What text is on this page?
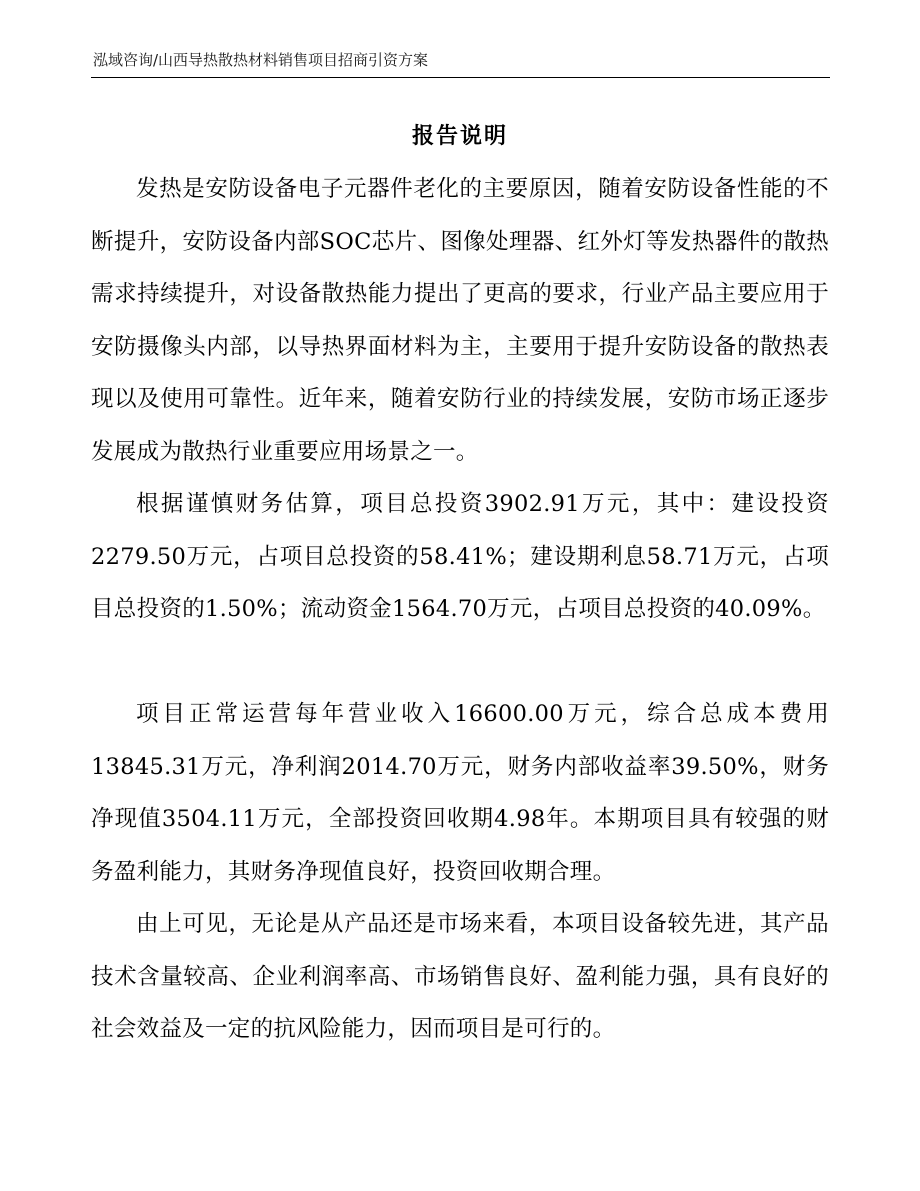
泓域咨询/山西导热散热材料销售项目招商引资方案
报告说明

发热是安防设备电子元器件老化的主要原因，随着安防设备性能的不断提升，安防设备内部SOC芯片、图像处理器、红外灯等发热器件的散热需求持续提升，对设备散热能力提出了更高的要求，行业产品主要应用于安防摄像头内部，以导热界面材料为主，主要用于提升安防设备的散热表现以及使用可靠性。近年来，随着安防行业的持续发展，安防市场正逐步发展成为散热行业重要应用场景之一。

根据谨慎财务估算，项目总投资3902.91万元，其中：建设投资2279.50万元，占项目总投资的58.41%；建设期利息58.71万元，占项目总投资的1.50%；流动资金1564.70万元，占项目总投资的40.09%。

项目正常运营每年营业收入16600.00万元，综合总成本费用13845.31万元，净利润2014.70万元，财务内部收益率39.50%，财务净现值3504.11万元，全部投资回收期4.98年。本期项目具有较强的财务盈利能力，其财务净现值良好，投资回收期合理。

由上可见，无论是从产品还是市场来看，本项目设备较先进，其产品技术含量较高、企业利润率高、市场销售良好、盈利能力强，具有良好的社会效益及一定的抗风险能力，因而项目是可行的。
